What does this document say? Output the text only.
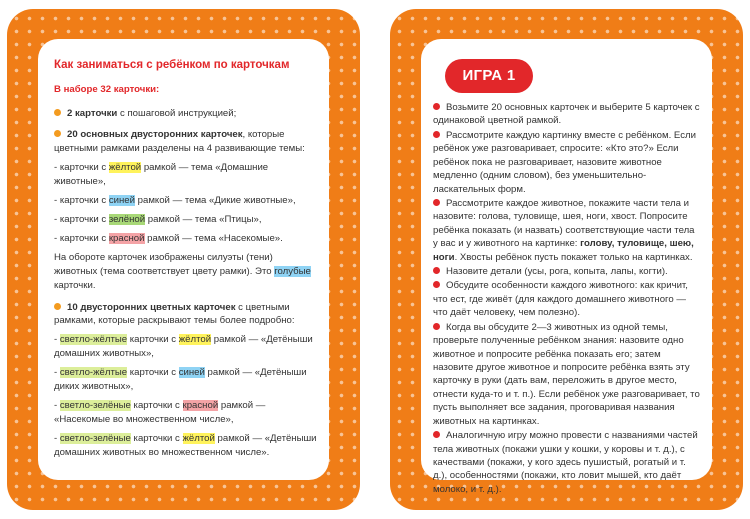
Как заниматься с ребёнком по карточкам

В наборе 32 карточки:

2 карточки с пошаговой инструкцией;

20 основных двусторонних карточек, которые цветными рамками разделены на 4 развивающие темы:

- карточки с жёлтой рамкой — тема «Домашние животные»,

- карточки с синей рамкой — тема «Дикие животные»,

- карточки с зелёной рамкой — тема «Птицы»,

- карточки с красной рамкой — тема «Насекомые».

На обороте карточек изображены силуэты (тени) животных (тема соответствует цвету рамки). Это голубые карточки.

10 двусторонних цветных карточек с цветными рамками, которые раскрывают темы более подробно:

- светло-жёлтые карточки с жёлтой рамкой — «Детёныши домашних животных»,

- светло-жёлтые карточки с синей рамкой — «Детёныши диких животных»,

- светло-зелёные карточки с красной рамкой — «Насекомые во множественном числе»,

- светло-зелёные карточки с жёлтой рамкой — «Детёныши домашних животных во множественном числе».

ИГРА 1

Возьмите 20 основных карточек и выберите 5 карточек с одинаковой цветной рамкой.

Рассмотрите каждую картинку вместе с ребёнком. Если ребёнок уже разговаривает, спросите: «Кто это?» Если ребёнок пока не разговаривает, назовите животное медленно (одним словом), без уменьшительно-ласкательных форм.

Рассмотрите каждое животное, покажите части тела и назовите: голова, туловище, шея, ноги, хвост. Попросите ребёнка показать (и назвать) соответствующие части тела у вас и у животного на картинке: голову, туловище, шею, ноги. Хвосты ребёнок пусть покажет только на картинках.

Назовите детали (усы, рога, копыта, лапы, когти).

Обсудите особенности каждого животного: как кричит, что ест, где живёт (для каждого домашнего животного — что даёт человеку, чем полезно).

Когда вы обсудите 2—3 животных из одной темы, проверьте полученные ребёнком знания: назовите одно животное и попросите ребёнка показать его; затем назовите другое животное и попросите ребёнка взять эту карточку в руки (дать вам, переложить в другое место, отнести куда-то и т. п.). Если ребёнок уже разговаривает, то пусть выполняет все задания, проговаривая названия животных на картинках.

Аналогичную игру можно провести с названиями частей тела животных (покажи ушки у кошки, у коровы и т. д.), с качествами (покажи, у кого здесь пушистый, рогатый и т. д.), особенностями (покажи, кто ловит мышей, кто даёт молоко, и т. д.).
